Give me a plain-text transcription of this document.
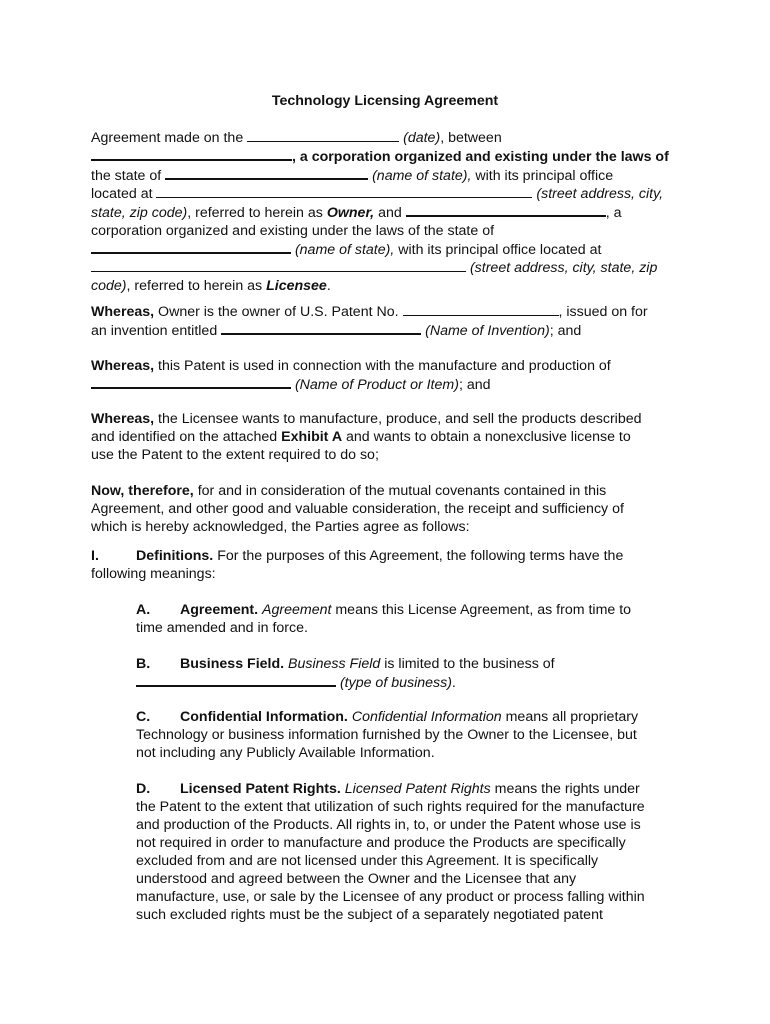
Technology Licensing Agreement
Agreement made on the	(date), between
, a corporation organized and existing under the laws of
the state of	(name of state), with its principal office
located at	(street address, city,
state, zip code), referred to herein as Owner, and	, a
corporation organized and existing under the laws of the state of
(name of state), with its principal office located at
(street address, city, state, zip
code), referred to herein as Licensee.
Whereas, Owner is the owner of U.S. Patent No.	, issued on for
an invention entitled	(Name of Invention); and
Whereas, this Patent is used in connection with the manufacture and production of
(Name of Product or Item); and
Whereas, the Licensee wants to manufacture, produce, and sell the products described
and identified on the attached Exhibit A and wants to obtain a nonexclusive license to
use the Patent to the extent required to do so;
Now, therefore, for and in consideration of the mutual covenants contained in this
Agreement, and other good and valuable consideration, the receipt and sufficiency of
which is hereby acknowledged, the Parties agree as follows:
I.	Definitions. For the purposes of this Agreement, the following terms have the
following meanings:
A. Agreement. Agreement means this License Agreement, as from time to
time amended and in force.
B. Business Field. Business Field is limited to the business of
(type of business).
C. Confidential Information. Confidential Information means all proprietary
Technology or business information furnished by the Owner to the Licensee, but
not including any Publicly Available Information.
D. Licensed Patent Rights. Licensed Patent Rights means the rights under
the Patent to the extent that utilization of such rights required for the manufacture
and production of the Products. All rights in, to, or under the Patent whose use is
not required in order to manufacture and produce the Products are specifically
excluded from and are not licensed under this Agreement. It is specifically
understood and agreed between the Owner and the Licensee that any
manufacture, use, or sale by the Licensee of any product or process falling within
such excluded rights must be the subject of a separately negotiated patent
